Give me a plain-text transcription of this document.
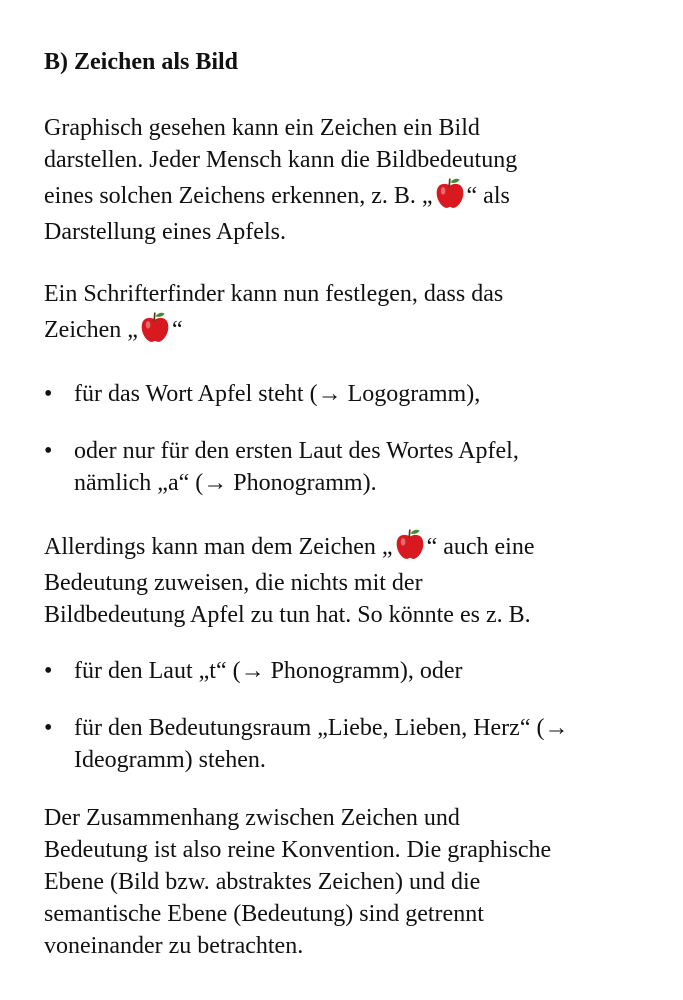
B) Zeichen als Bild
Graphisch gesehen kann ein Zeichen ein Bild
darstellen. Jeder Mensch kann die Bildbedeutung
eines solchen Zeichens erkennen, z. B. „ “ als
Darstellung eines Apfels.
Ein Schrifterfinder kann nun festlegen, dass das
Zeichen „ “
• für das Wort Apfel steht (→ Logogramm),
• oder nur für den ersten Laut des Wortes Apfel,
nämlich „a“ (→ Phonogramm).
Allerdings kann man dem Zeichen „ “ auch eine
Bedeutung zuweisen, die nichts mit der
Bildbedeutung Apfel zu tun hat. So könnte es z. B.
• für den Laut „t“ (→ Phonogramm), oder
• für den Bedeutungsraum „Liebe, Lieben, Herz“ (→
Ideogramm) stehen.
Der Zusammenhang zwischen Zeichen und
Bedeutung ist also reine Konvention. Die graphische
Ebene (Bild bzw. abstraktes Zeichen) und die
semantische Ebene (Bedeutung) sind getrennt
voneinander zu betrachten.
